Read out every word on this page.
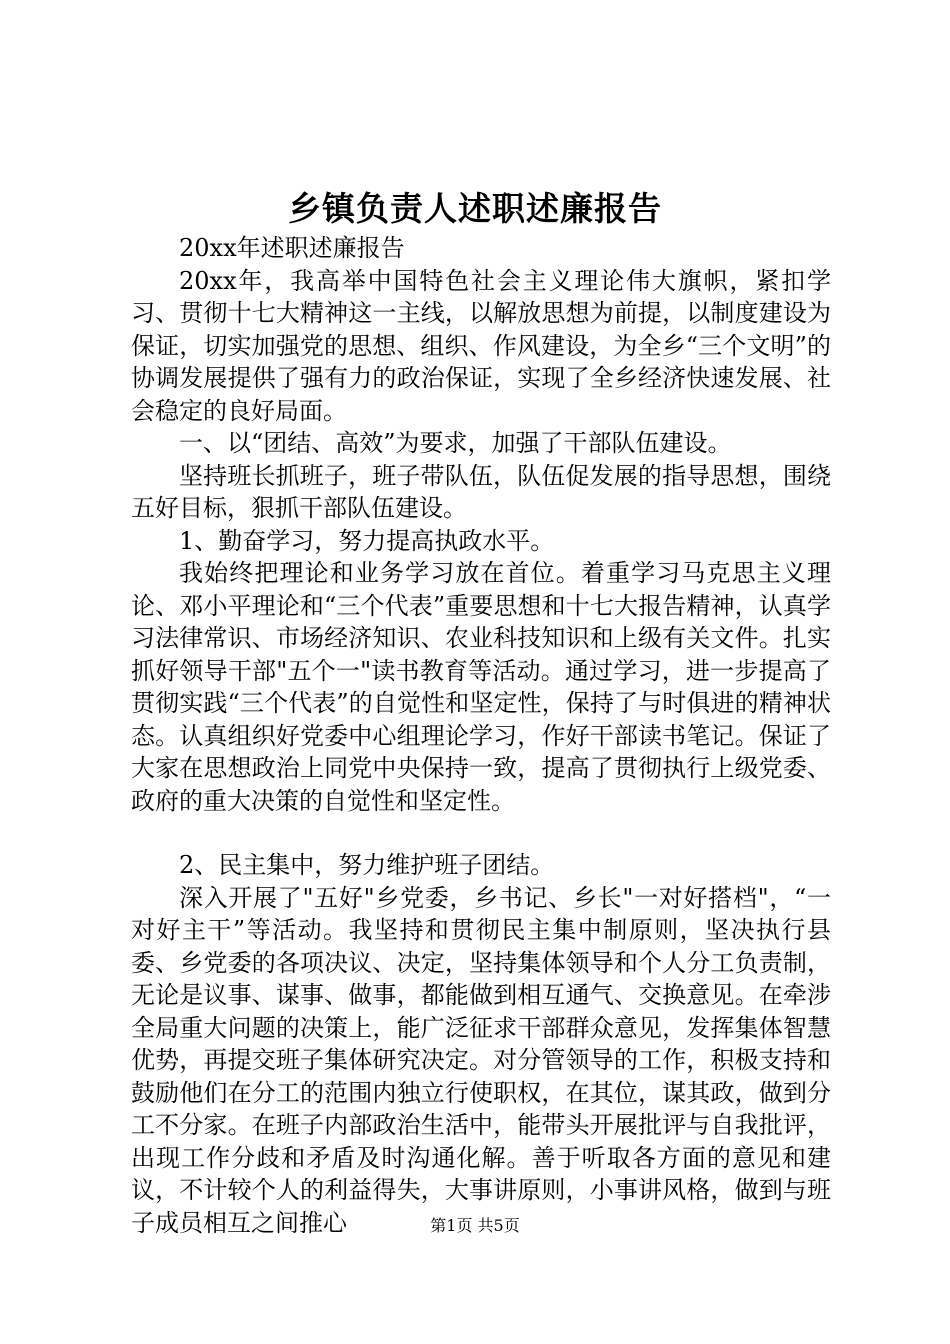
乡镇负责人述职述廉报告

20xx年述职述廉报告

20xx年，我高举中国特色社会主义理论伟大旗帜，紧扣学习、贯彻十七大精神这一主线，以解放思想为前提，以制度建设为保证，切实加强党的思想、组织、作风建设，为全乡“三个文明”的协调发展提供了强有力的政治保证，实现了全乡经济快速发展、社会稳定的良好局面。

一、以“团结、高效”为要求，加强了干部队伍建设。

坚持班长抓班子，班子带队伍，队伍促发展的指导思想，围绕五好目标，狠抓干部队伍建设。

1、勤奋学习，努力提高执政水平。

我始终把理论和业务学习放在首位。着重学习马克思主义理论、邓小平理论和“三个代表”重要思想和十七大报告精神，认真学习法律常识、市场经济知识、农业科技知识和上级有关文件。扎实抓好领导干部"五个一"读书教育等活动。通过学习，进一步提高了贯彻实践“三个代表”的自觉性和坚定性，保持了与时俱进的精神状态。认真组织好党委中心组理论学习，作好干部读书笔记。保证了大家在思想政治上同党中央保持一致，提高了贯彻执行上级党委、政府的重大决策的自觉性和坚定性。

2、民主集中，努力维护班子团结。

深入开展了"五好"乡党委，乡书记、乡长"一对好搭档"，“一对好主干”等活动。我坚持和贯彻民主集中制原则，坚决执行县委、乡党委的各项决议、决定，坚持集体领导和个人分工负责制，无论是议事、谋事、做事，都能做到相互通气、交换意见。在牵涉全局重大问题的决策上，能广泛征求干部群众意见，发挥集体智慧优势，再提交班子集体研究决定。对分管领导的工作，积极支持和鼓励他们在分工的范围内独立行使职权，在其位，谋其政，做到分工不分家。在班子内部政治生活中，能带头开展批评与自我批评，出现工作分歧和矛盾及时沟通化解。善于听取各方面的意见和建议，不计较个人的利益得失，大事讲原则，小事讲风格，做到与班子成员相互之间推心	第1页 共5页
